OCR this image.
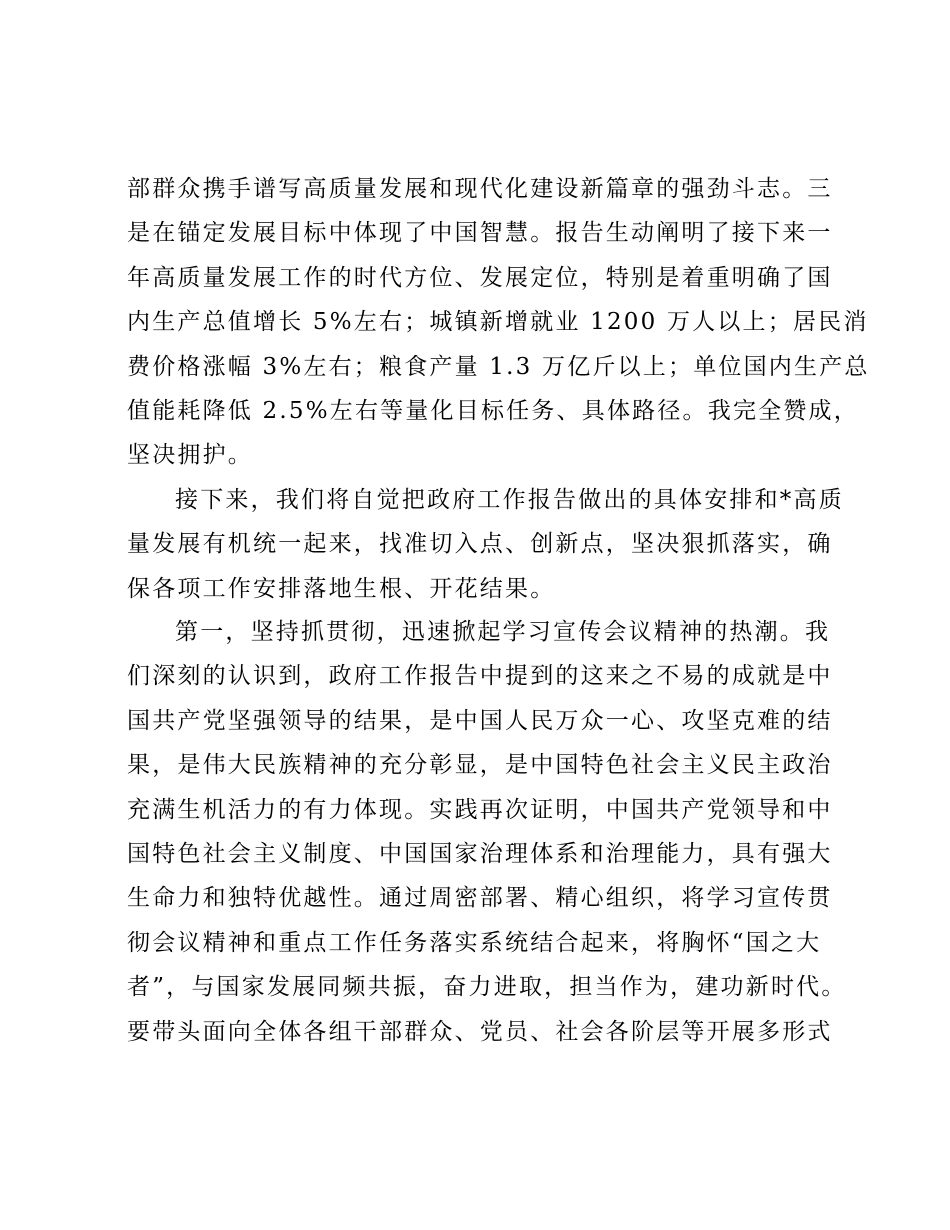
部群众携手谱写高质量发展和现代化建设新篇章的强劲斗志。三

是在锚定发展目标中体现了中国智慧。报告生动阐明了接下来一

年高质量发展工作的时代方位、发展定位，特别是着重明确了国

内生产总值增长 5%左右；城镇新增就业 1200 万人以上；居民消

费价格涨幅 3%左右；粮食产量 1.3 万亿斤以上；单位国内生产总

值能耗降低 2.5%左右等量化目标任务、具体路径。我完全赞成，

坚决拥护。

接下来，我们将自觉把政府工作报告做出的具体安排和*高质

量发展有机统一起来，找准切入点、创新点，坚决狠抓落实，确

保各项工作安排落地生根、开花结果。

第一，坚持抓贯彻，迅速掀起学习宣传会议精神的热潮。我

们深刻的认识到，政府工作报告中提到的这来之不易的成就是中

国共产党坚强领导的结果，是中国人民万众一心、攻坚克难的结

果，是伟大民族精神的充分彰显，是中国特色社会主义民主政治

充满生机活力的有力体现。实践再次证明，中国共产党领导和中

国特色社会主义制度、中国国家治理体系和治理能力，具有强大

生命力和独特优越性。通过周密部署、精心组织，将学习宣传贯

彻会议精神和重点工作任务落实系统结合起来，将胸怀“国之大

者”，与国家发展同频共振，奋力进取，担当作为，建功新时代。

要带头面向全体各组干部群众、党员、社会各阶层等开展多形式
